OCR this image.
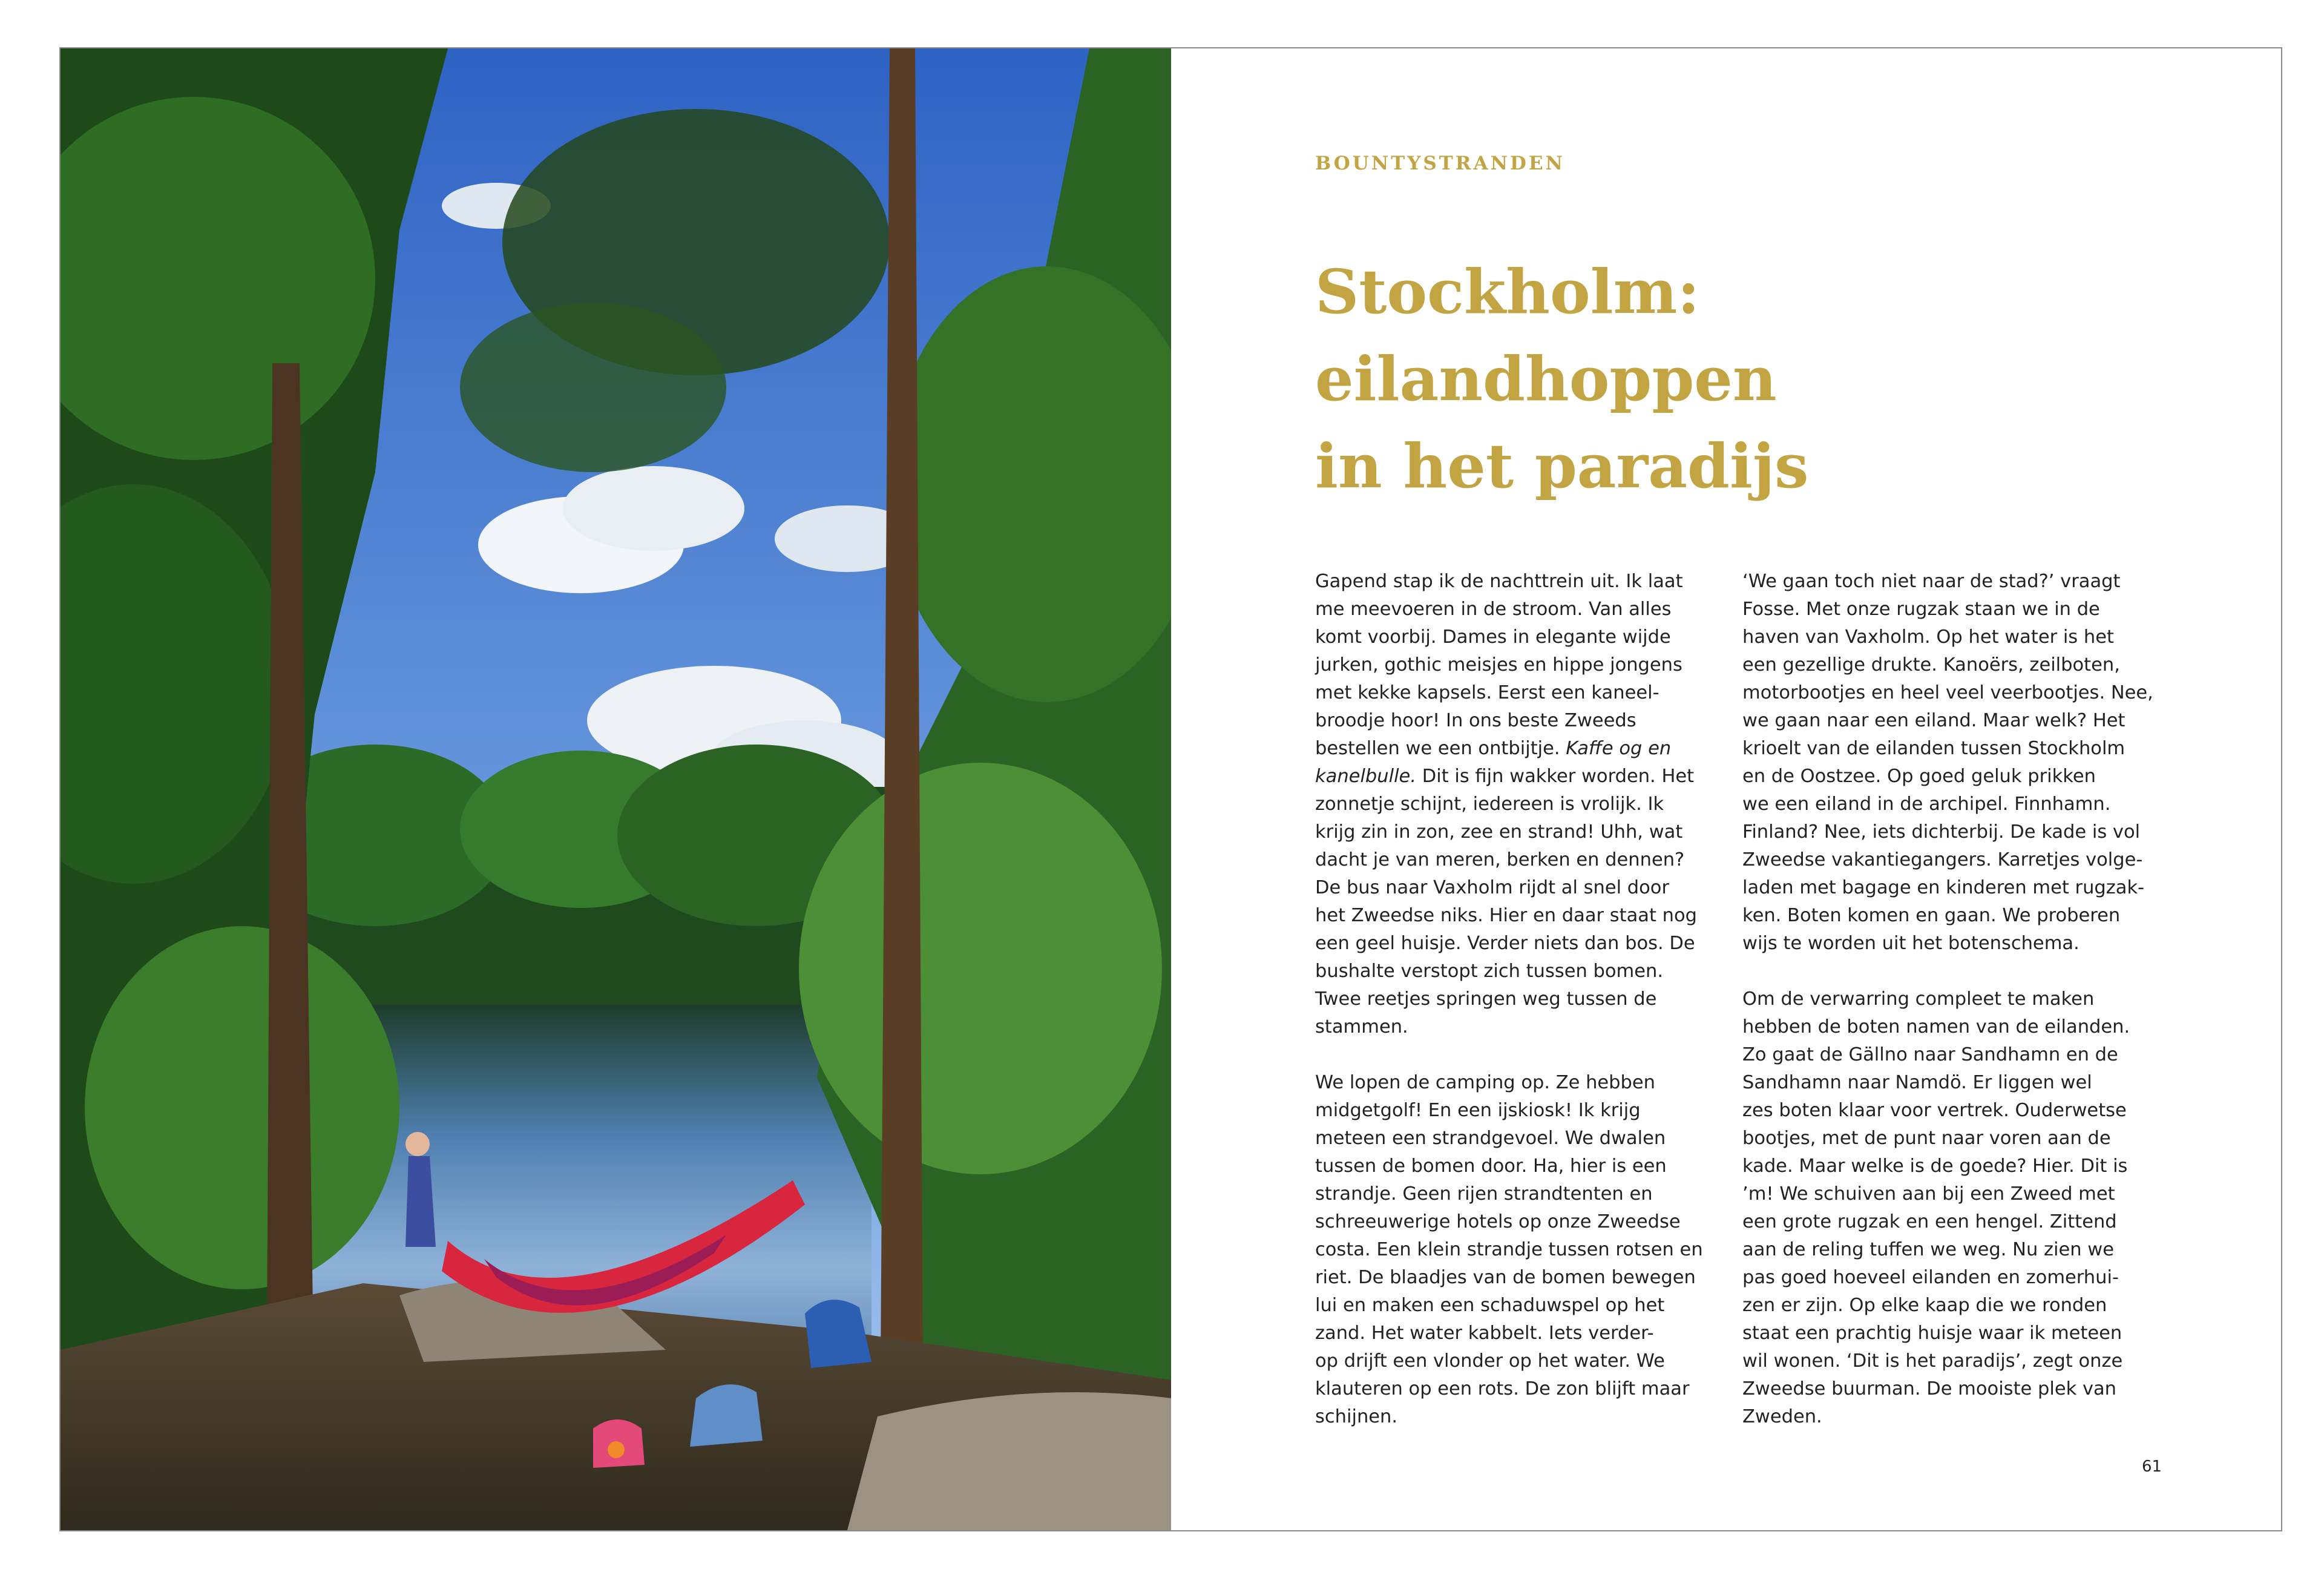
BOUNTYSTRANDEN

Stockholm:
eilandhoppen
in het paradijs

Gapend stap ik de nachttrein uit. Ik laat
me meevoeren in de stroom. Van alles
komt voorbij. Dames in elegante wijde
jurken, gothic meisjes en hippe jongens
met kekke kapsels. Eerst een kaneel-
broodje hoor! In ons beste Zweeds
bestellen we een ontbijtje. Kaffe og en
kanelbulle. Dit is fijn wakker worden. Het
zonnetje schijnt, iedereen is vrolijk. Ik
krijg zin in zon, zee en strand! Uhh, wat
dacht je van meren, berken en dennen?
De bus naar Vaxholm rijdt al snel door
het Zweedse niks. Hier en daar staat nog
een geel huisje. Verder niets dan bos. De
bushalte verstopt zich tussen bomen.
Twee reetjes springen weg tussen de
stammen.

We lopen de camping op. Ze hebben
midgetgolf! En een ijskiosk! Ik krijg
meteen een strandgevoel. We dwalen
tussen de bomen door. Ha, hier is een
strandje. Geen rijen strandtenten en
schreeuwerige hotels op onze Zweedse
costa. Een klein strandje tussen rotsen en
riet. De blaadjes van de bomen bewegen
lui en maken een schaduwspel op het
zand. Het water kabbelt. Iets verder-
op drijft een vlonder op het water. We
klauteren op een rots. De zon blijft maar
schijnen.

‘We gaan toch niet naar de stad?’ vraagt
Fosse. Met onze rugzak staan we in de
haven van Vaxholm. Op het water is het
een gezellige drukte. Kanoërs, zeilboten,
motorbootjes en heel veel veerbootjes. Nee,
we gaan naar een eiland. Maar welk? Het
krioelt van de eilanden tussen Stockholm
en de Oostzee. Op goed geluk prikken
we een eiland in de archipel. Finnhamn.
Finland? Nee, iets dichterbij. De kade is vol
Zweedse vakantiegangers. Karretjes volge-
laden met bagage en kinderen met rugzak-
ken. Boten komen en gaan. We proberen
wijs te worden uit het botenschema.

Om de verwarring compleet te maken
hebben de boten namen van de eilanden.
Zo gaat de Gällno naar Sandhamn en de
Sandhamn naar Namdö. Er liggen wel
zes boten klaar voor vertrek. Ouderwetse
bootjes, met de punt naar voren aan de
kade. Maar welke is de goede? Hier. Dit is
’m! We schuiven aan bij een Zweed met
een grote rugzak en een hengel. Zittend
aan de reling tuffen we weg. Nu zien we
pas goed hoeveel eilanden en zomerhui-
zen er zijn. Op elke kaap die we ronden
staat een prachtig huisje waar ik meteen
wil wonen. ‘Dit is het paradijs’, zegt onze
Zweedse buurman. De mooiste plek van
Zweden.

61
